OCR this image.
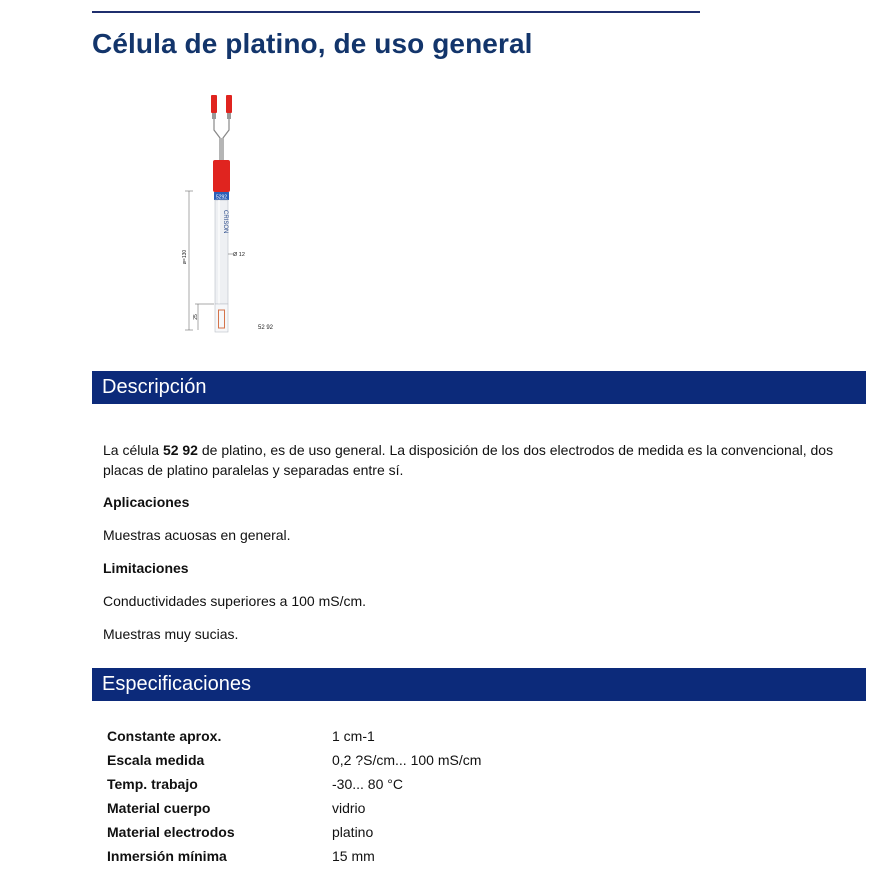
Célula de platino, de uso general
5292
CRISON
ø=130
25
Ø 12
52 92
Descripción

La célula 52 92 de platino, es de uso general. La disposición de los dos electrodos de medida es la convencional, dos

placas de platino paralelas y separadas entre sí.

Aplicaciones

Muestras acuosas en general.

Limitaciones

Conductividades superiores a 100 mS/cm.

Muestras muy sucias.

Especificaciones
Constante aprox.	1 cm-1
Escala medida	0,2 ?S/cm... 100 mS/cm
Temp. trabajo	-30... 80 °C
Material cuerpo	vidrio
Material electrodos	platino
Inmersión mínima	15 mm
